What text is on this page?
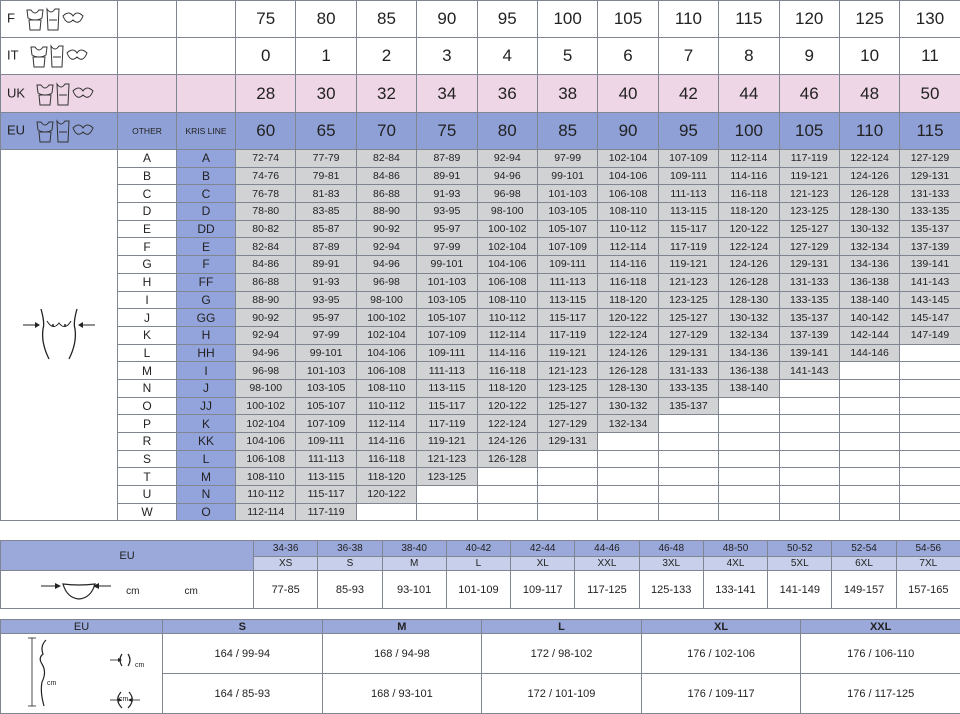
F			75	80	85	90	95	100	105	110	115	120	125	130
IT			0	1	2	3	4	5	6	7	8	9	10	11
UK			28	30	32	34	36	38	40	42	44	46	48	50
EU	OTHER	KRIS LINE	60	65	70	75	80	85	90	95	100	105	110	115
	A	A	72-74	77-79	82-84	87-89	92-94	97-99	102-104	107-109	112-114	117-119	122-124	127-129
	B	B	74-76	79-81	84-86	89-91	94-96	99-101	104-106	109-111	114-116	119-121	124-126	129-131
	C	C	76-78	81-83	86-88	91-93	96-98	101-103	106-108	111-113	116-118	121-123	126-128	131-133
	D	D	78-80	83-85	88-90	93-95	98-100	103-105	108-110	113-115	118-120	123-125	128-130	133-135
	E	DD	80-82	85-87	90-92	95-97	100-102	105-107	110-112	115-117	120-122	125-127	130-132	135-137
	F	E	82-84	87-89	92-94	97-99	102-104	107-109	112-114	117-119	122-124	127-129	132-134	137-139
	G	F	84-86	89-91	94-96	99-101	104-106	109-111	114-116	119-121	124-126	129-131	134-136	139-141
	H	FF	86-88	91-93	96-98	101-103	106-108	111-113	116-118	121-123	126-128	131-133	136-138	141-143
	I	G	88-90	93-95	98-100	103-105	108-110	113-115	118-120	123-125	128-130	133-135	138-140	143-145
	J	GG	90-92	95-97	100-102	105-107	110-112	115-117	120-122	125-127	130-132	135-137	140-142	145-147
	K	H	92-94	97-99	102-104	107-109	112-114	117-119	122-124	127-129	132-134	137-139	142-144	147-149
	L	HH	94-96	99-101	104-106	109-111	114-116	119-121	124-126	129-131	134-136	139-141	144-146	
	M	I	96-98	101-103	106-108	111-113	116-118	121-123	126-128	131-133	136-138	141-143		
	N	J	98-100	103-105	108-110	113-115	118-120	123-125	128-130	133-135	138-140			
	O	JJ	100-102	105-107	110-112	115-117	120-122	125-127	130-132	135-137				
	P	K	102-104	107-109	112-114	117-119	122-124	127-129	132-134					
	R	KK	104-106	109-111	114-116	119-121	124-126	129-131						
	S	L	106-108	111-113	116-118	121-123	126-128							
	T	M	108-110	113-115	118-120	123-125								
	U	N	110-112	115-117	120-122									
	W	O	112-114	117-119										
EU	34-36	36-38	38-40	40-42	42-44	44-46	46-48	48-50	50-52	52-54	54-56
	XS	S	M	L	XL	XXL	3XL	4XL	5XL	6XL	7XL
cm cm	77-85	85-93	93-101	101-109	109-117	117-125	125-133	133-141	141-149	149-157	157-165
EU	S	M	L	XL	XXL

cm
cm
cm	164 / 99-94	168 / 94-98	172 / 98-102	176 / 102-106	176 / 106-110
	164 / 85-93	168 / 93-101	172 / 101-109	176 / 109-117	176 / 117-125
